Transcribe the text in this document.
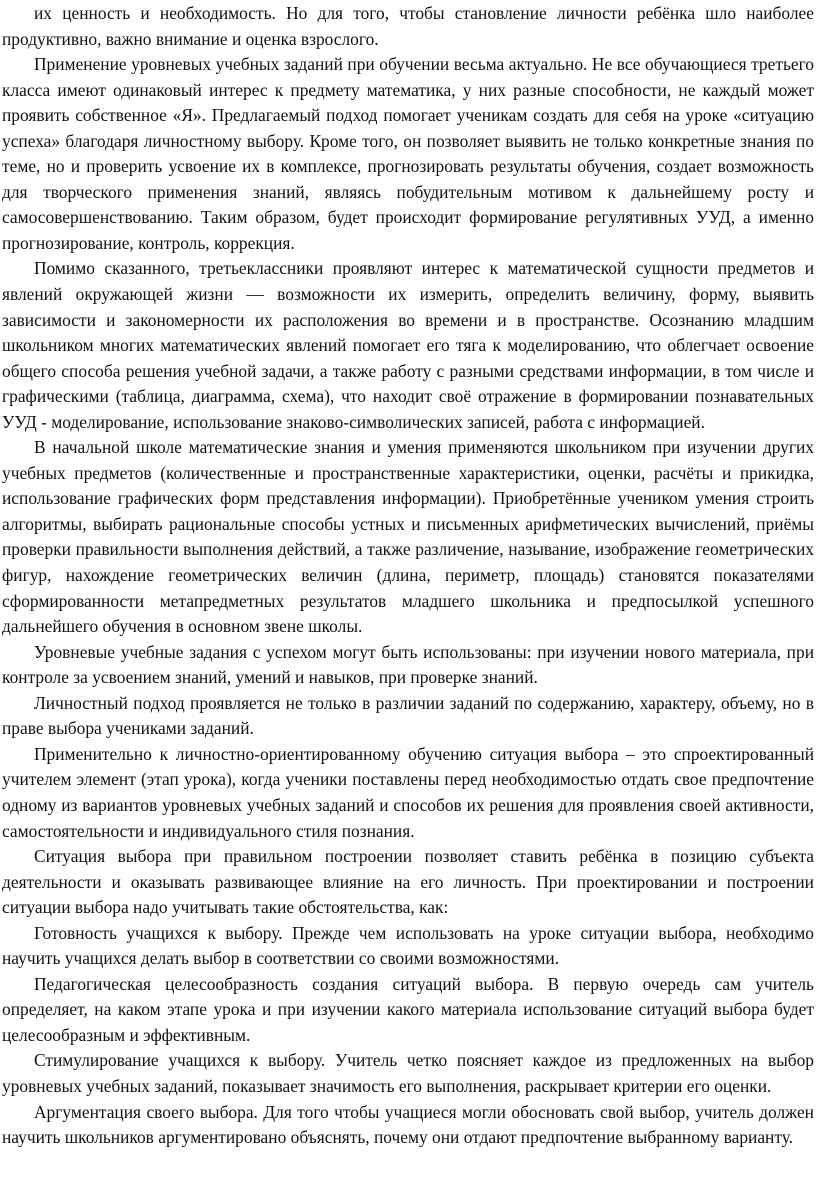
их ценность и необходимость. Но для того, чтобы становление личности ребёнка шло наиболее продуктивно, важно внимание и оценка взрослого.

Применение уровневых учебных заданий при обучении весьма актуально. Не все обучающиеся третьего класса имеют одинаковый интерес к предмету математика, у них разные способности, не каждый может проявить собственное «Я». Предлагаемый подход помогает ученикам создать для себя на уроке «ситуацию успеха» благодаря личностному выбору. Кроме того, он позволяет выявить не только конкретные знания по теме, но и проверить усвоение их в комплексе, прогнозировать результаты обучения, создает возможность для творческого применения знаний, являясь побудительным мотивом к дальнейшему росту и самосовершенствованию. Таким образом, будет происходит формирование регулятивных УУД, а именно прогнозирование, контроль, коррекция.

Помимо сказанного, третьеклассники проявляют интерес к математической сущности предметов и явлений окружающей жизни — возможности их измерить, определить величину, форму, выявить зависимости и закономерности их расположения во времени и в пространстве. Осознанию младшим школьником многих математических явлений помогает его тяга к моделированию, что облегчает освоение общего способа решения учебной задачи, а также работу с разными средствами информации, в том числе и графическими (таблица, диаграмма, схема), что находит своё отражение в формировании познавательных УУД - моделирование, использование знаково-символических записей, работа с информацией.

В начальной школе математические знания и умения применяются школьником при изучении других учебных предметов (количественные и пространственные характеристики, оценки, расчёты и прикидка, использование графических форм представления информации). Приобретённые учеником умения строить алгоритмы, выбирать рациональные способы устных и письменных арифметических вычислений, приёмы проверки правильности выполнения действий, а также различение, называние, изображение геометрических фигур, нахождение геометрических величин (длина, периметр, площадь) становятся показателями сформированности метапредметных результатов младшего школьника и предпосылкой успешного дальнейшего обучения в основном звене школы.

Уровневые учебные задания с успехом могут быть использованы: при изучении нового материала, при контроле за усвоением знаний, умений и навыков, при проверке знаний.

Личностный подход проявляется не только в различии заданий по содержанию, характеру, объему, но в праве выбора учениками заданий.

Применительно к личностно-ориентированному обучению ситуация выбора – это спроектированный учителем элемент (этап урока), когда ученики поставлены перед необходимостью отдать свое предпочтение одному из вариантов уровневых учебных заданий и способов их решения для проявления своей активности, самостоятельности и индивидуального стиля познания.

Ситуация выбора при правильном построении позволяет ставить ребёнка в позицию субъекта деятельности и оказывать развивающее влияние на его личность. При проектировании и построении ситуации выбора надо учитывать такие обстоятельства, как:

Готовность учащихся к выбору. Прежде чем использовать на уроке ситуации выбора, необходимо научить учащихся делать выбор в соответствии со своими возможностями.

Педагогическая целесообразность создания ситуаций выбора. В первую очередь сам учитель определяет, на каком этапе урока и при изучении какого материала использование ситуаций выбора будет целесообразным и эффективным.

Стимулирование учащихся к выбору. Учитель четко поясняет каждое из предложенных на выбор уровневых учебных заданий, показывает значимость его выполнения, раскрывает критерии его оценки.

Аргументация своего выбора. Для того чтобы учащиеся могли обосновать свой выбор, учитель должен научить школьников аргументировано объяснять, почему они отдают предпочтение выбранному варианту.
